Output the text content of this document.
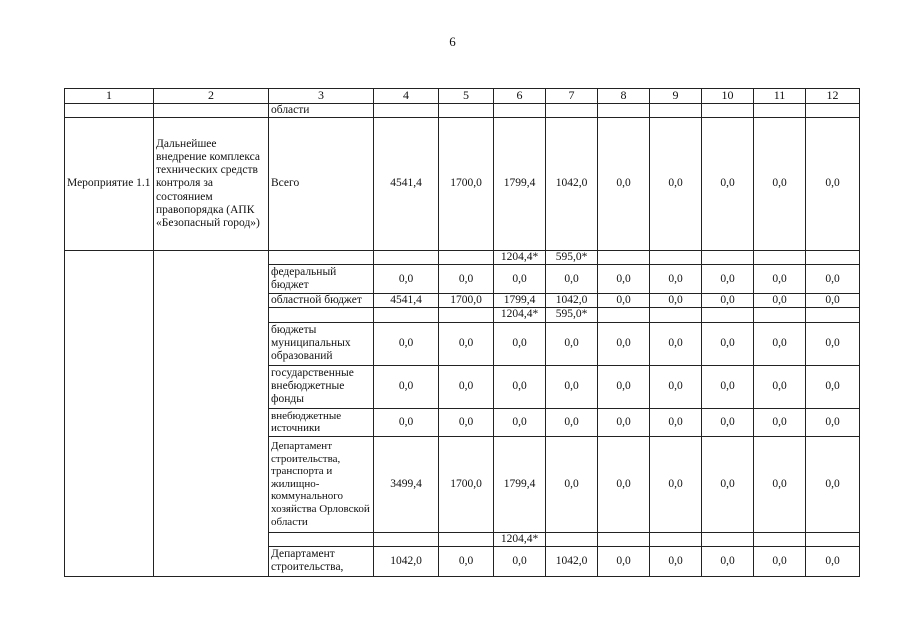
6
1	2	3	4	5	6	7	8	9	10	11	12
		области									
Мероприятие 1.1	Дальнейшее внедрение комплекса технических средств контроля за состоянием правопорядка (АПК «Безопасный город»)	Всего	4541,4	1700,0	1799,4	1042,0	0,0	0,0	0,0	0,0	0,0
					1204,4*	595,0*					
		федеральный бюджет	0,0	0,0	0,0	0,0	0,0	0,0	0,0	0,0	0,0
		областной бюджет	4541,4	1700,0	1799,4	1042,0	0,0	0,0	0,0	0,0	0,0
					1204,4*	595,0*					
		бюджеты муниципальных образований	0,0	0,0	0,0	0,0	0,0	0,0	0,0	0,0	0,0
		государственные внебюджетные фонды	0,0	0,0	0,0	0,0	0,0	0,0	0,0	0,0	0,0
		внебюджетные источники	0,0	0,0	0,0	0,0	0,0	0,0	0,0	0,0	0,0
		Департамент строительства, транспорта и жилищно-коммунального хозяйства Орловской области	3499,4	1700,0	1799,4	0,0	0,0	0,0	0,0	0,0	0,0
					1204,4*						
		Департамент строительства,	1042,0	0,0	0,0	1042,0	0,0	0,0	0,0	0,0	0,0
